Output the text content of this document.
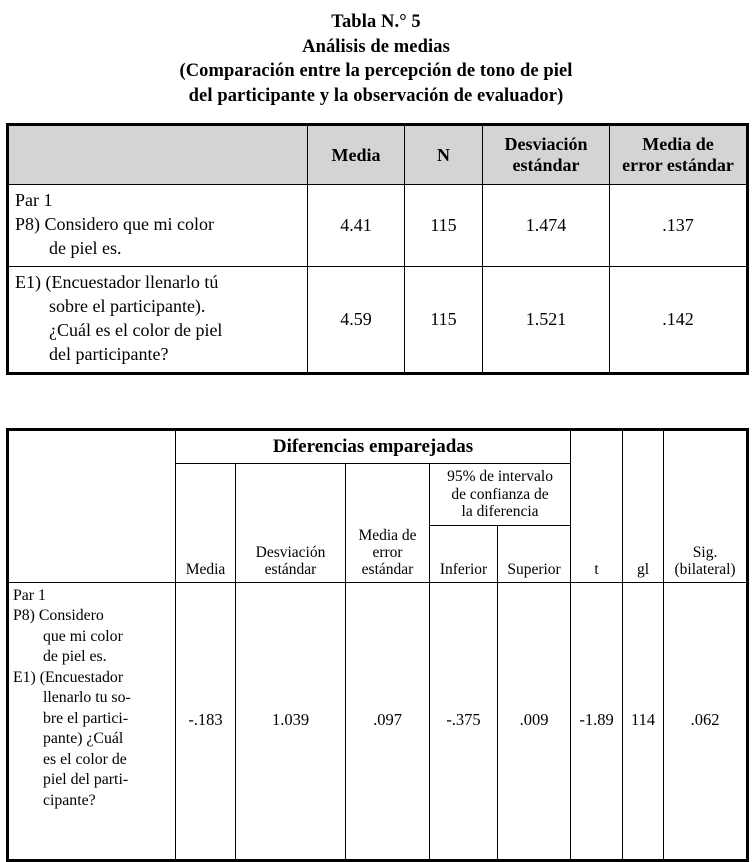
Tabla N.° 5
Análisis de medias
(Comparación entre la percepción de tono de piel
del participante y la observación de evaluador)
	Media	N	Desviación
estándar	Media de
error estándar

Par 1
P8) Considero que mi color
de piel es.	4.41	115	1.474	.137

E1) (Encuestador llenarlo tú
sobre el participante).
¿Cuál es el color de piel
del participante?	4.59	115	1.521	.142
	Diferencias emparejadas							
				95% de intervalo
de confianza de
la diferencia				
	Media	Desviación
estándar	Media de
error
estándar	Inferior	Superior	t	gl	Sig.
(bilateral)

Par 1
P8) Considero
que mi color
de piel es.
E1) (Encuestador
llenarlo tu so-
bre el partici-
pante) ¿Cuál
es el color de
piel del parti-
cipante?
	-.183	1.039	.097	-.375	.009	-1.89	114	.062
